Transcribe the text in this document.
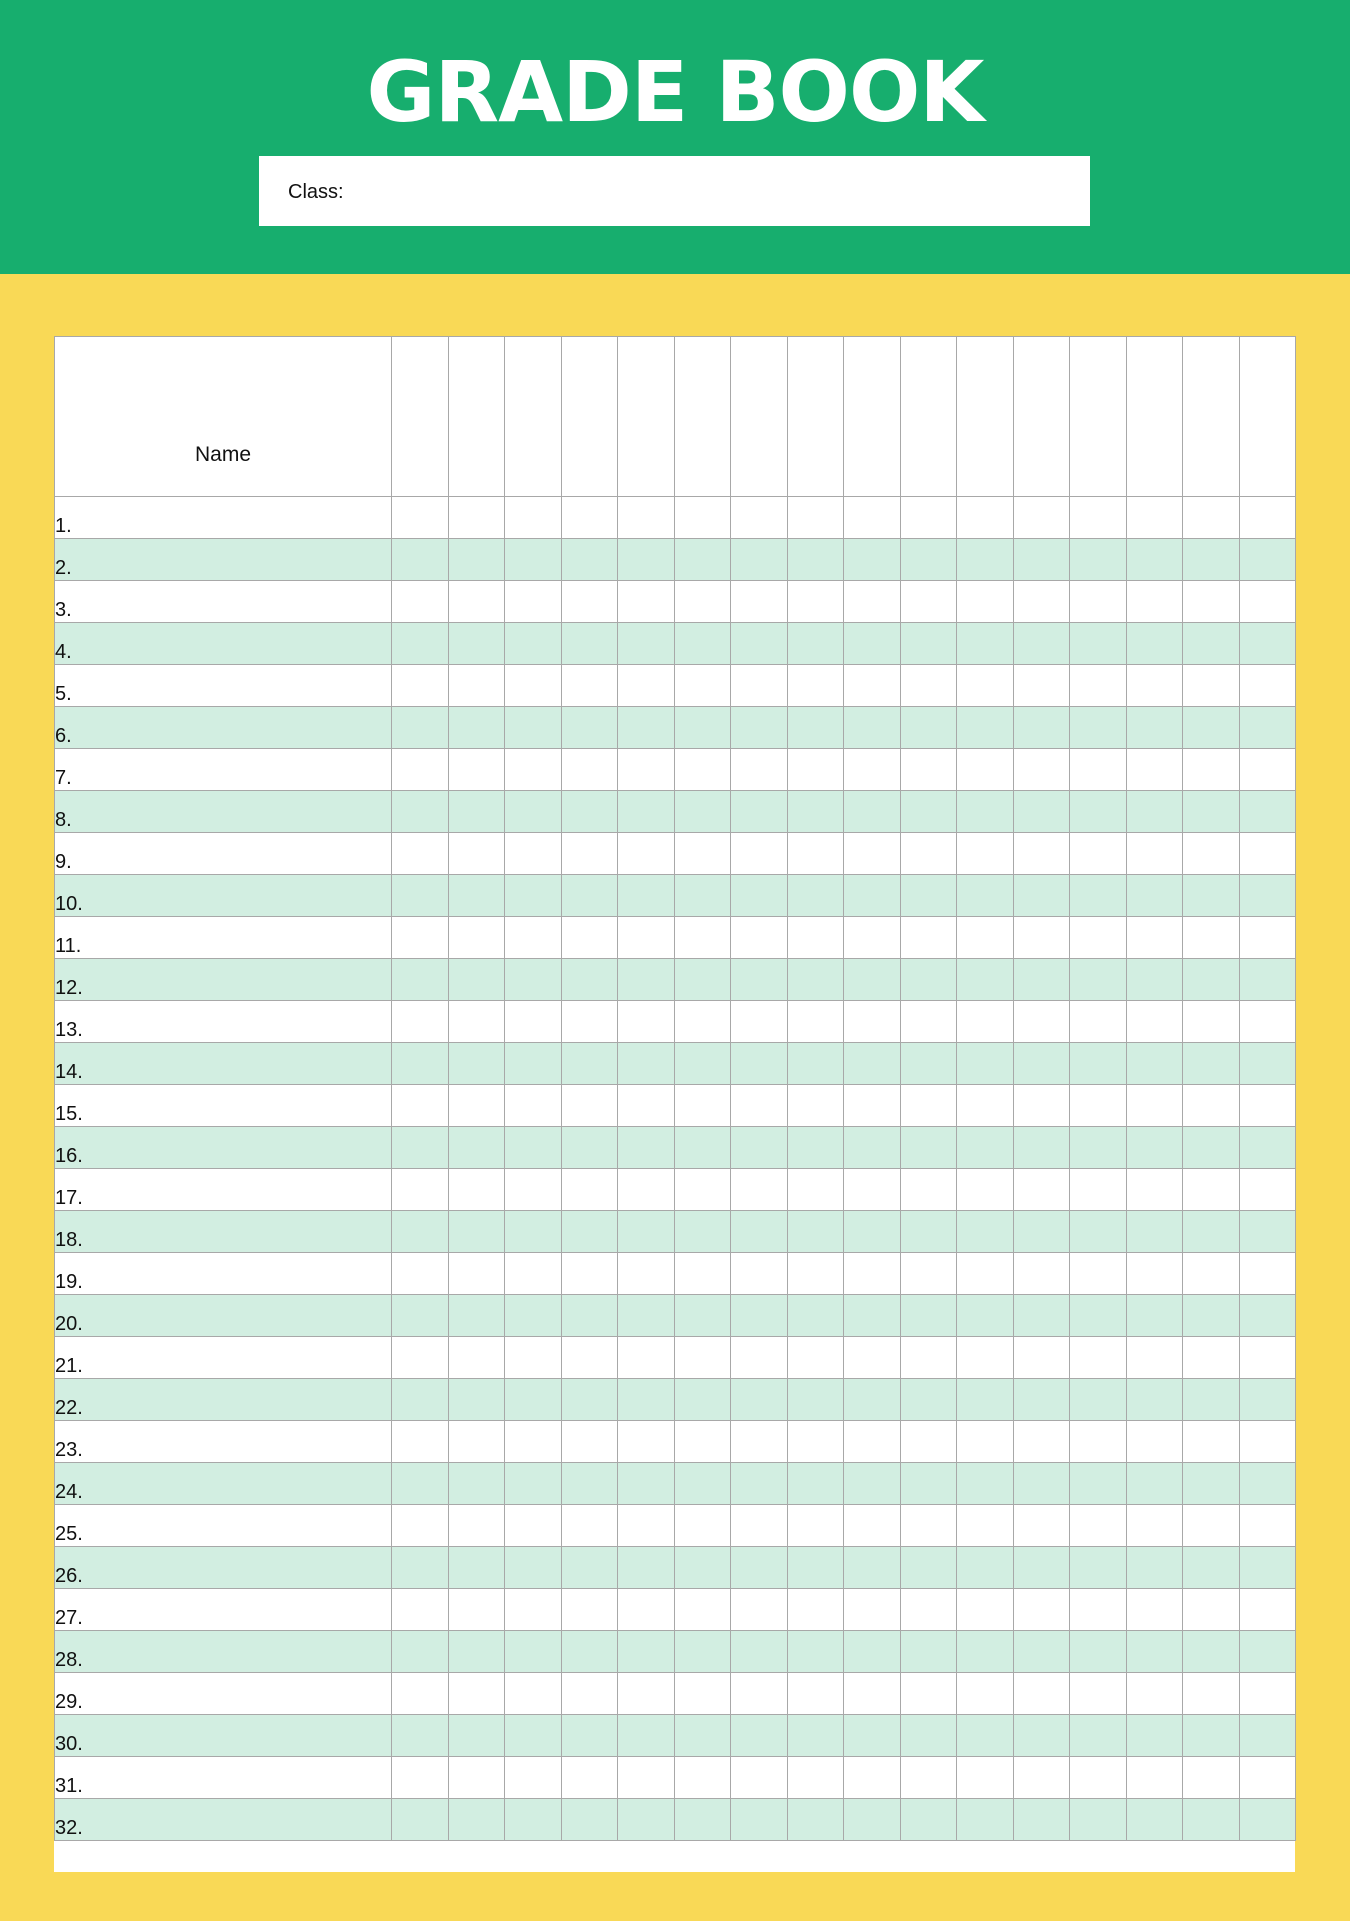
GRADE BOOK
Class:
Name																

1.																
2.																
3.																
4.																
5.																
6.																
7.																
8.																
9.																
10.																
11.																
12.																
13.																
14.																
15.																
16.																
17.																
18.																
19.																
20.																
21.																
22.																
23.																
24.																
25.																
26.																
27.																
28.																
29.																
30.																
31.																
32.																
